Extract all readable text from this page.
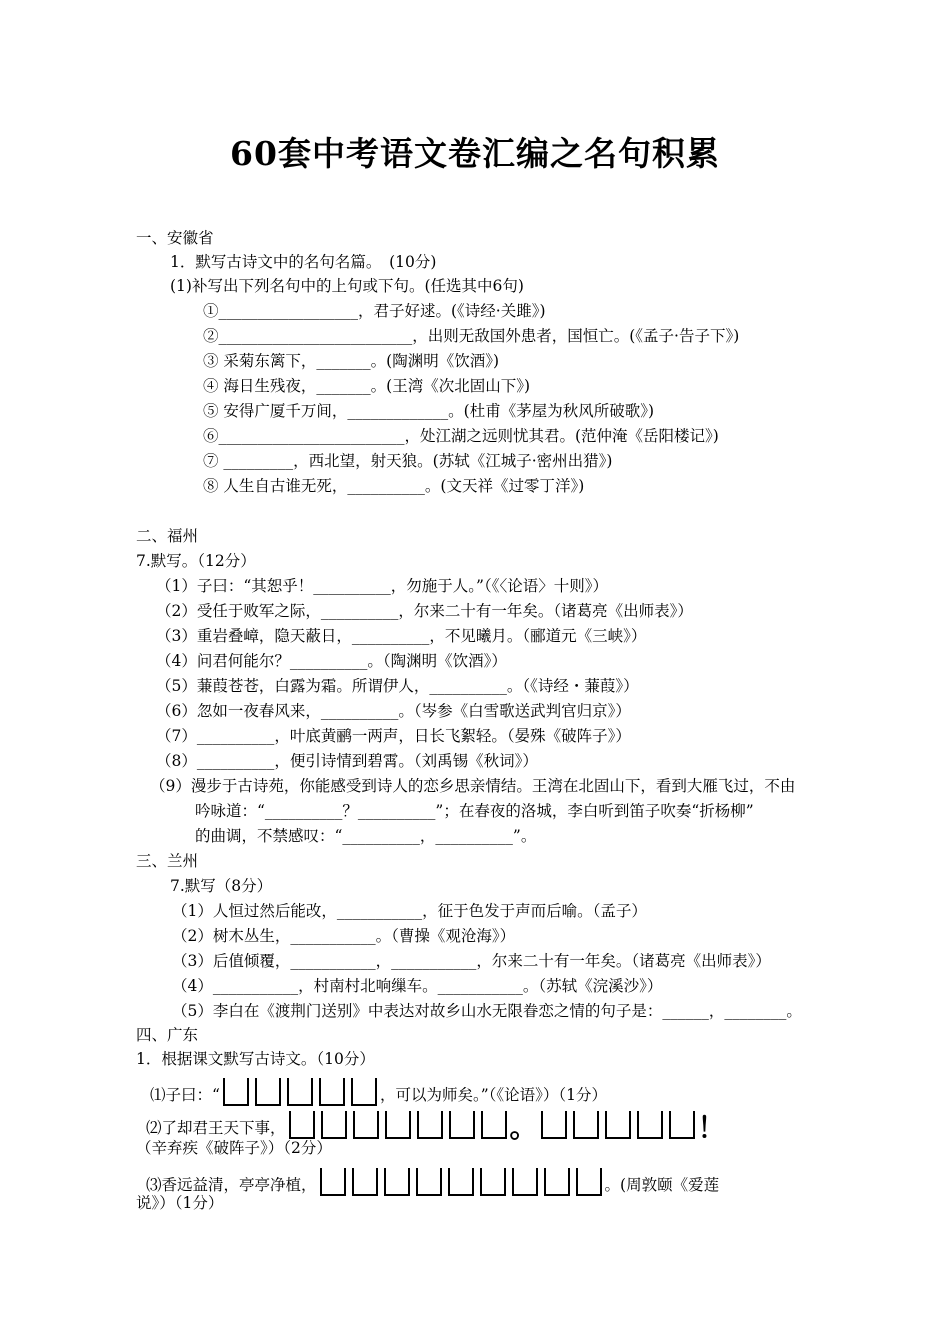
60套中考语文卷汇编之名句积累
一、安徽省
1．默写古诗文中的名句名篇。　(10分)
(1)补写出下列名句中的上句或下句。(任选其中6句)
①__________________，君子好逑。(《诗经·关雎》)
②_________________________，出则无敌国外患者，国恒亡。(《孟子·告子下》)
③ 采菊东篱下，_______。(陶渊明《饮酒》)
④ 海日生残夜，_______。(王湾《次北固山下》)
⑤ 安得广厦千万间，_____________。(杜甫《茅屋为秋风所破歌》)
⑥________________________，处江湖之远则忧其君。(范仲淹《岳阳楼记》)
⑦ _________，西北望，射天狼。(苏轼《江城子·密州出猎》)
⑧ 人生自古谁无死，__________。(文天祥《过零丁洋》)
二、福州
7.默写。（12分）
（1）子曰：“其恕乎！__________，勿施于人。”（《〈论语〉十则》）
（2）受任于败军之际，__________，尔来二十有一年矣。（诸葛亮《出师表》）
（3）重岩叠嶂，隐天蔽日，__________，不见曦月。（郦道元《三峡》）
（4）问君何能尔？__________。（陶渊明《饮酒》）
（5）蒹葭苍苍，白露为霜。所谓伊人，__________。（《诗经・蒹葭》）
（6）忽如一夜春风来，__________。（岑参《白雪歌送武判官归京》）
（7）__________，叶底黄鹂一两声，日长飞絮轻。（晏殊《破阵子》）
（8）__________，便引诗情到碧霄。（刘禹锡《秋词》）
（9）漫步于古诗苑，你能感受到诗人的恋乡思亲情结。王湾在北固山下，看到大雁飞过，不由
吟咏道：“__________？__________”；在春夜的洛城，李白听到笛子吹奏“折杨柳”
的曲调，不禁感叹：“__________，__________”。
三、兰州
7.默写（8分）
（1）人恒过然后能改，___________，征于色发于声而后喻。（孟子）
（2）树木丛生，___________。（曹操《观沧海》）
（3）后值倾覆，___________，___________，尔来二十有一年矣。（诸葛亮《出师表》）
（4）___________，村南村北响缫车。___________。（苏轼《浣溪沙》）
（5）李白在《渡荆门送别》中表达对故乡山水无限眷恋之情的句子是：______，________。
四、广东
1．根据课文默写古诗文。（10分）
⑴子曰：“	，可以为师矣。”（《论语》）（1分）
⑵了却君王天下事，	。	！
（辛弃疾《破阵子》）（2分）
⑶香远益清，亭亭净植，	。(周敦颐《爱莲
说》）（1分）
